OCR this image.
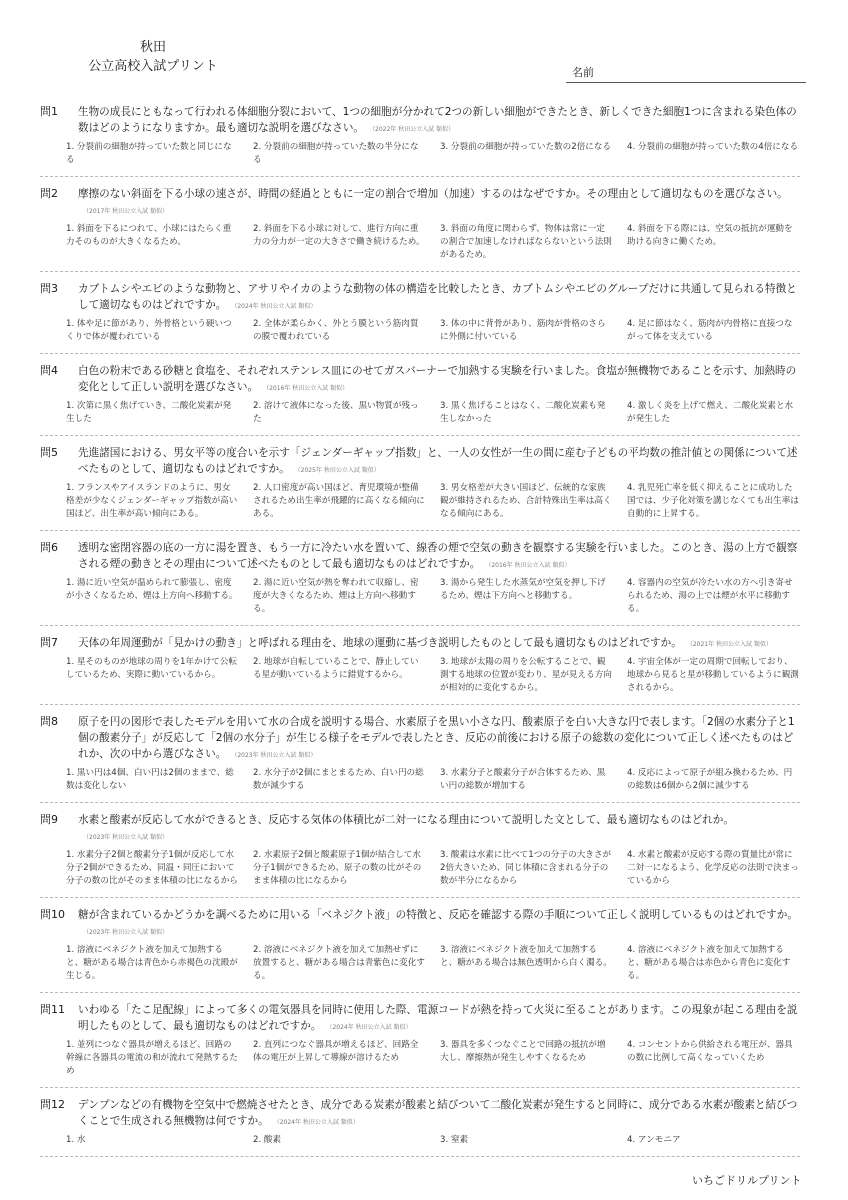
秋田
公立高校入試プリント	名前
問1 生物の成長にともなって行われる体細胞分裂において、1つの細胞が分かれて2つの新しい細胞ができたとき、新しくできた細胞1つに含まれる染色体の数はどのようになりますか。最も適切な説明を選びなさい。 （2022年 秋田公立入試 類似）
1. 分裂前の細胞が持っていた数と同じになる
2. 分裂前の細胞が持っていた数の半分になる
3. 分裂前の細胞が持っていた数の2倍になる 4. 分裂前の細胞が持っていた数の4倍になる
問2 摩擦のない斜面を下る小球の速さが、時間の経過とともに一定の割合で増加（加速）するのはなぜですか。その理由として適切なものを選びなさい。（2017年 秋田公立入試 類似）
1. 斜面を下るにつれて、小球にはたらく重力そのものが大きくなるため。
2. 斜面を下る小球に対して、進行方向に重力の分力が一定の大きさで働き続けるため。
3. 斜面の角度に関わらず、物体は常に一定の割合で加速しなければならないという法則があるため。
4. 斜面を下る際には、空気の抵抗が運動を助ける向きに働くため。
問3 カブトムシやエビのような動物と、アサリやイカのような動物の体の構造を比較したとき、カブトムシやエビのグループだけに共通して見られる特徴として適切なものはどれですか。 （2024年 秋田公立入試 類似）
1. 体や足に節があり、外骨格という硬いつくりで体が覆われている
2. 全体が柔らかく、外とう膜という筋肉質の膜で覆われている
3. 体の中に背骨があり、筋肉が骨格のさらに外側に付いている
4. 足に節はなく、筋肉が内骨格に直接つながって体を支えている
問4 白色の粉末である砂糖と食塩を、それぞれステンレス皿にのせてガスバーナーで加熱する実験を行いました。食塩が無機物であることを示す、加熱時の変化として正しい説明を選びなさい。 （2016年 秋田公立入試 類似）
1. 次第に黒く焦げていき、二酸化炭素が発生した
2. 溶けて液体になった後、黒い物質が残った
3. 黒く焦げることはなく、二酸化炭素も発生しなかった
4. 激しく炎を上げて燃え、二酸化炭素と水が発生した
問5 先進諸国における、男女平等の度合いを示す「ジェンダーギャップ指数」と、一人の女性が一生の間に産む子どもの平均数の推計値との関係について述べたものとして、適切なものはどれですか。 （2025年 秋田公立入試 類似）
1. フランスやアイスランドのように、男女格差が少なくジェンダーギャップ指数が高い国ほど、出生率が高い傾向にある。
2. 人口密度が高い国ほど、育児環境が整備されるため出生率が飛躍的に高くなる傾向にある。
3. 男女格差が大きい国ほど、伝統的な家族観が維持されるため、合計特殊出生率は高くなる傾向にある。
4. 乳児死亡率を低く抑えることに成功した国では、少子化対策を講じなくても出生率は自動的に上昇する。
問6 透明な密閉容器の底の一方に湯を置き、もう一方に冷たい水を置いて、線香の煙で空気の動きを観察する実験を行いました。このとき、湯の上方で観察される煙の動きとその理由について述べたものとして最も適切なものはどれですか。 （2016年 秋田公立入試 類似）
1. 湯に近い空気が温められて膨張し、密度が小さくなるため、煙は上方向へ移動する。
2. 湯に近い空気が熱を奪われて収縮し、密度が大きくなるため、煙は上方向へ移動する。
3. 湯から発生した水蒸気が空気を押し下げるため、煙は下方向へと移動する。
4. 容器内の空気が冷たい水の方へ引き寄せられるため、湯の上では煙が水平に移動する。
問7 天体の年周運動が「見かけの動き」と呼ばれる理由を、地球の運動に基づき説明したものとして最も適切なものはどれですか。 （2021年 秋田公立入試 類似）
1. 星そのものが地球の周りを1年かけて公転しているため、実際に動いているから。
2. 地球が自転していることで、静止している星が動いているように錯覚するから。
3. 地球が太陽の周りを公転することで、観測する地球の位置が変わり、星が見える方向が相対的に変化するから。
4. 宇宙全体が一定の周期で回転しており、地球から見ると星が移動しているように観測されるから。
問8 原子を円の図形で表したモデルを用いて水の合成を説明する場合、水素原子を黒い小さな円、酸素原子を白い大きな円で表します。「2個の水素分子と1個の酸素分子」が反応して「2個の水分子」が生じる様子をモデルで表したとき、反応の前後における原子の総数の変化について正しく述べたものはどれか、次の中から選びなさい。 （2023年 秋田公立入試 類似）
1. 黒い円は4個、白い円は2個のままで、総数は変化しない
2. 水分子が2個にまとまるため、白い円の総数が減少する
3. 水素分子と酸素分子が合体するため、黒い円の総数が増加する
4. 反応によって原子が組み換わるため、円の総数は6個から2個に減少する
問9 水素と酸素が反応して水ができるとき、反応する気体の体積比が二対一になる理由について説明した文として、最も適切なものはどれか。（2023年 秋田公立入試 類似）
1. 水素分子2個と酸素分子1個が反応して水分子2個ができるため、同温・同圧において分子の数の比がそのまま体積の比になるから
2. 水素原子2個と酸素原子1個が結合して水分子1個ができるため、原子の数の比がそのまま体積の比になるから
3. 酸素は水素に比べて1つの分子の大きさが2倍大きいため、同じ体積に含まれる分子の数が半分になるから
4. 水素と酸素が反応する際の質量比が常に二対一になるよう、化学反応の法則で決まっているから
問10 糖が含まれているかどうかを調べるために用いる「ベネジクト液」の特徴と、反応を確認する際の手順について正しく説明しているものはどれですか。（2023年 秋田公立入試 類似）
1. 溶液にベネジクト液を加えて加熱すると、糖がある場合は青色から赤褐色の沈殿が生じる。
2. 溶液にベネジクト液を加えて加熱せずに放置すると、糖がある場合は青紫色に変化する。
3. 溶液にベネジクト液を加えて加熱すると、糖がある場合は無色透明から白く濁る。
4. 溶液にベネジクト液を加えて加熱すると、糖がある場合は赤色から青色に変化する。
問11 いわゆる「たこ足配線」によって多くの電気器具を同時に使用した際、電源コードが熱を持って火災に至ることがあります。この現象が起こる理由を説明したものとして、最も適切なものはどれですか。 （2024年 秋田公立入試 類似）
1. 並列につなぐ器具が増えるほど、回路の幹線に各器具の電流の和が流れて発熱するため
2. 直列につなぐ器具が増えるほど、回路全体の電圧が上昇して導線が溶けるため
3. 器具を多くつなぐことで回路の抵抗が増大し、摩擦熱が発生しやすくなるため
4. コンセントから供給される電圧が、器具の数に比例して高くなっていくため
問12 デンプンなどの有機物を空気中で燃焼させたとき、成分である炭素が酸素と結びついて二酸化炭素が発生すると同時に、成分である水素が酸素と結びつくことで生成される無機物は何ですか。 （2024年 秋田公立入試 類似）
1. 水	2. 酸素	3. 窒素	4. アンモニア
いちごドリルプリント
